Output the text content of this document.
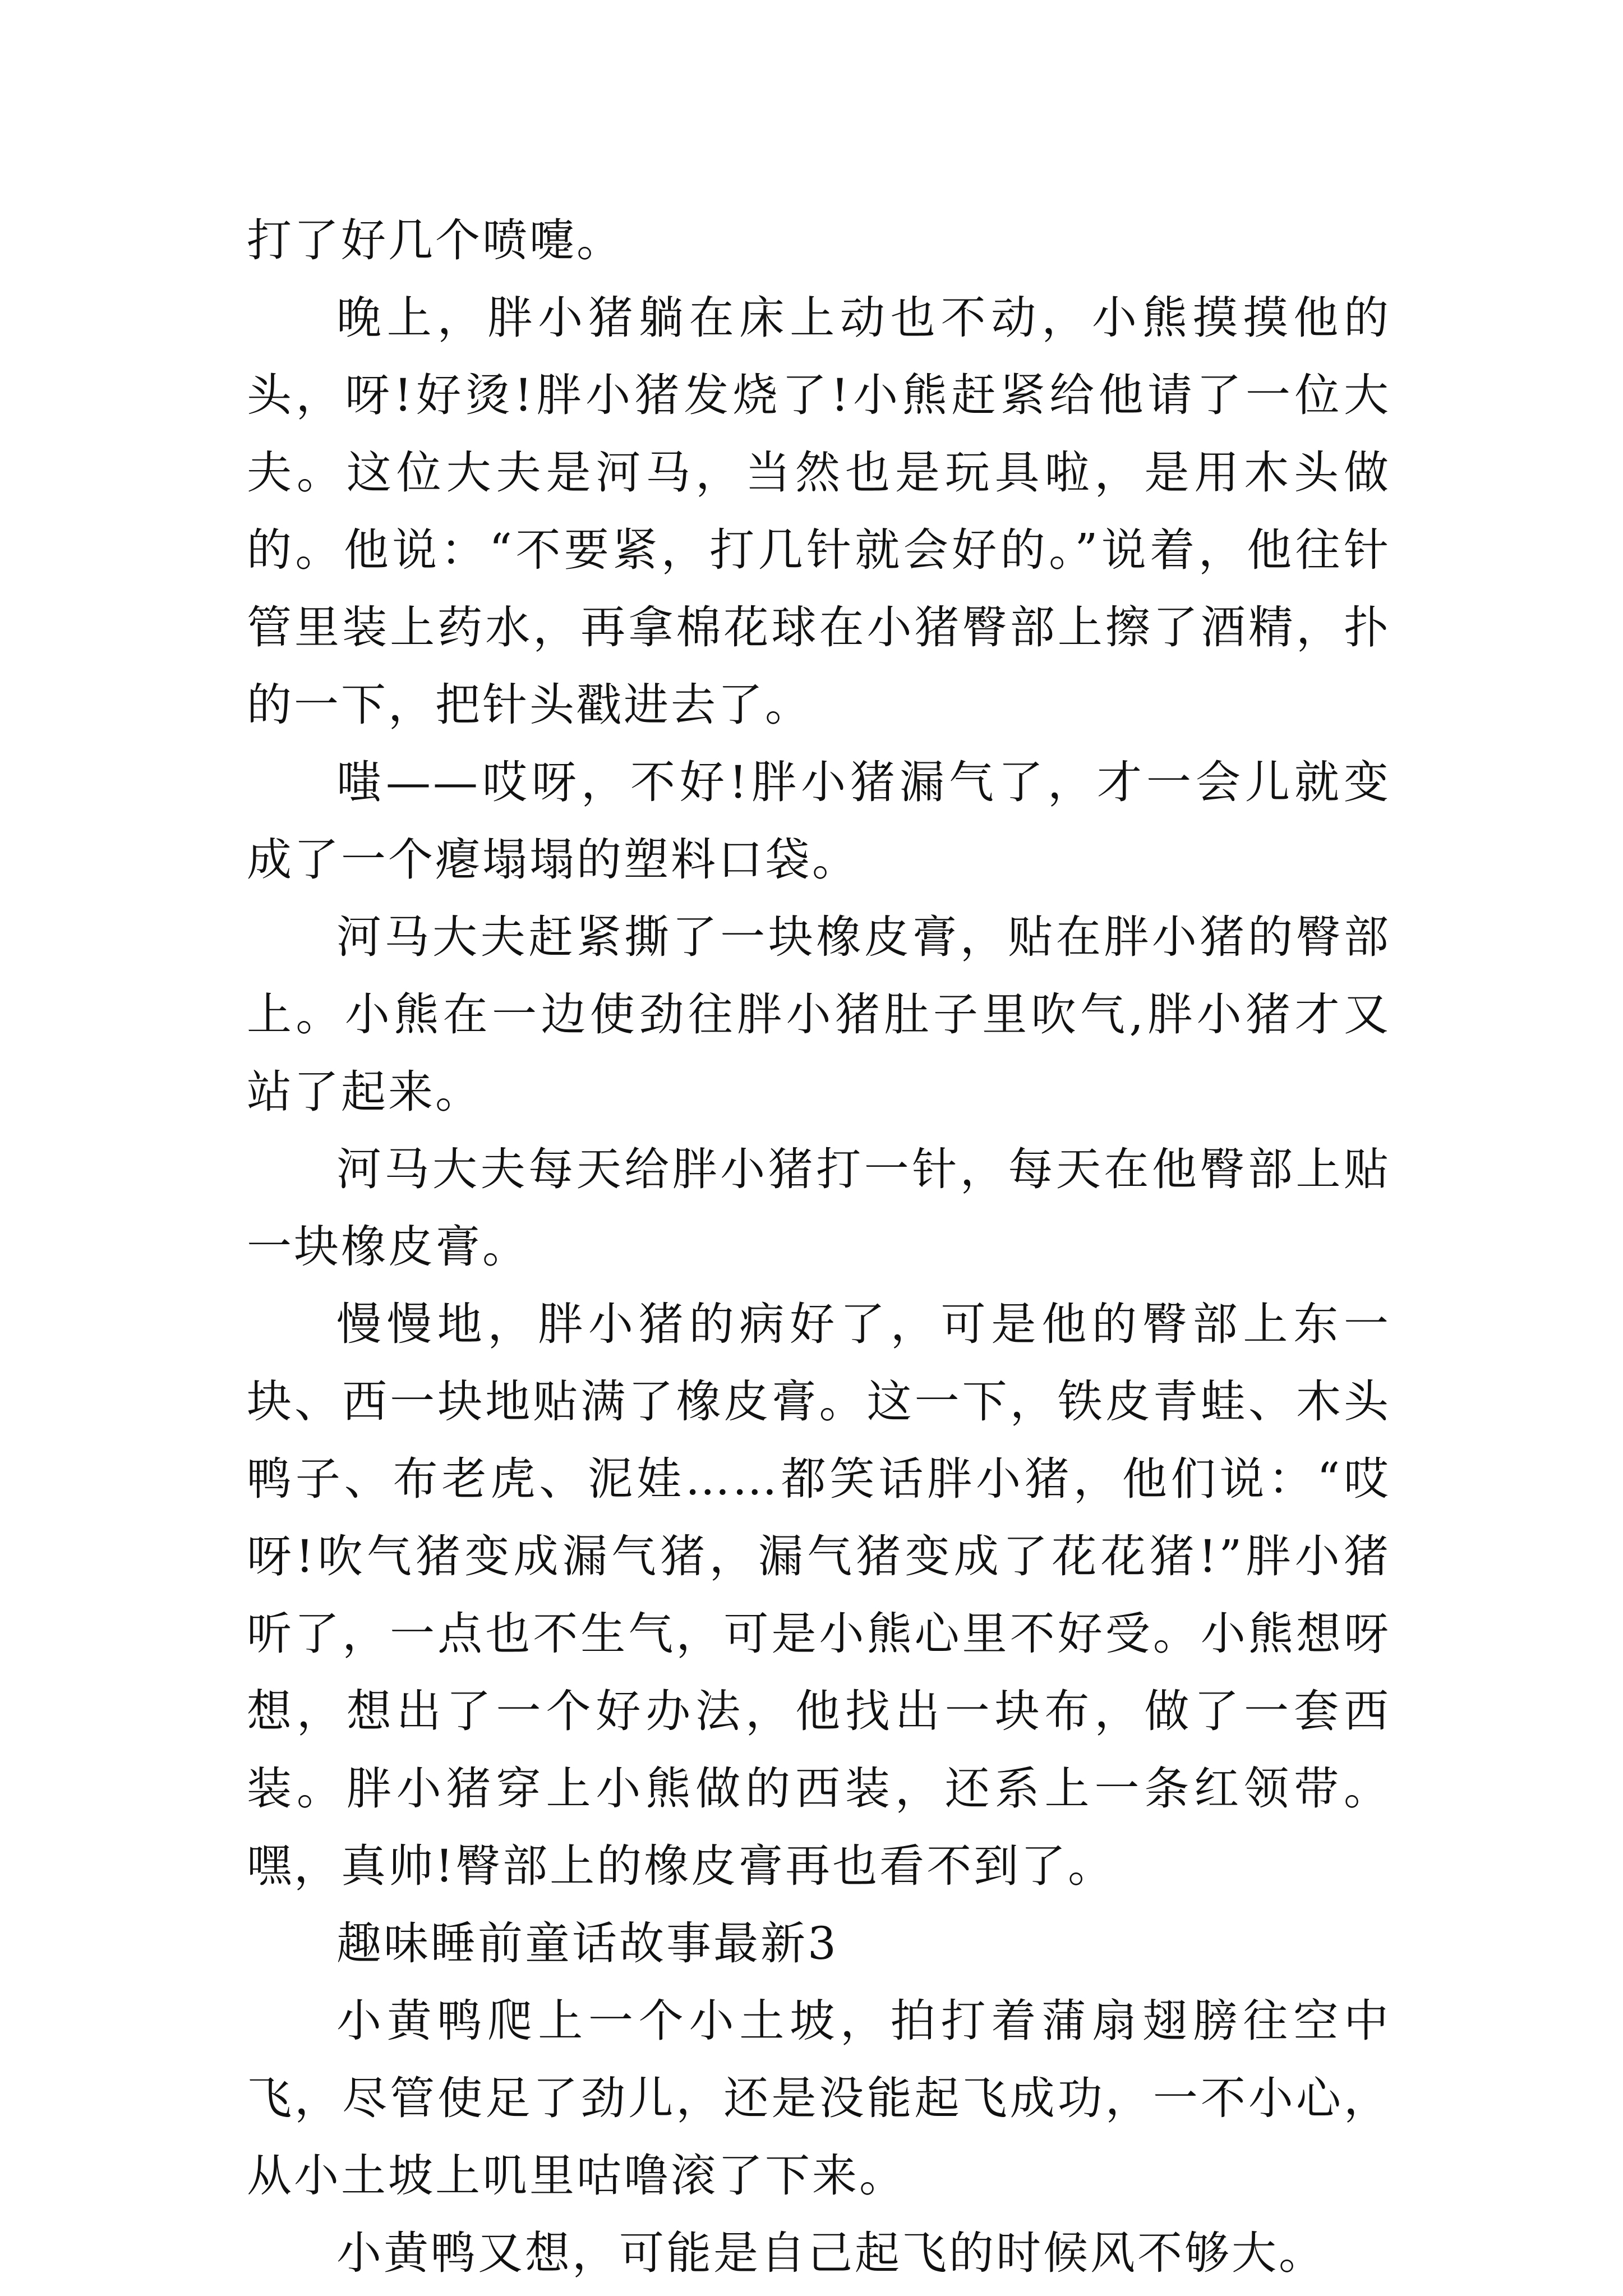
打了好几个喷嚏。

晚上，胖小猪躺在床上动也不动，小熊摸摸他的头，呀!好烫!胖小猪发烧了!小熊赶紧给他请了一位大夫。这位大夫是河马，当然也是玩具啦，是用木头做的。他说：“不要紧，打几针就会好的。”说着，他往针管里装上药水，再拿棉花球在小猪臀部上擦了酒精，扑的一下，把针头戳进去了。

嗤——哎呀，不好!胖小猪漏气了，才一会儿就变成了一个瘪塌塌的塑料口袋。

河马大夫赶紧撕了一块橡皮膏，贴在胖小猪的臀部上。小熊在一边使劲往胖小猪肚子里吹气,胖小猪才又站了起来。

河马大夫每天给胖小猪打一针，每天在他臀部上贴一块橡皮膏。

慢慢地，胖小猪的病好了，可是他的臀部上东一块、西一块地贴满了橡皮膏。这一下，铁皮青蛙、木头鸭子、布老虎、泥娃……都笑话胖小猪，他们说：“哎呀!吹气猪变成漏气猪，漏气猪变成了花花猪!”胖小猪听了，一点也不生气，可是小熊心里不好受。小熊想呀想，想出了一个好办法，他找出一块布，做了一套西装。胖小猪穿上小熊做的西装，还系上一条红领带。嘿，真帅!臀部上的橡皮膏再也看不到了。

趣味睡前童话故事最新3

小黄鸭爬上一个小土坡，拍打着蒲扇翅膀往空中飞，尽管使足了劲儿，还是没能起飞成功，一不小心，从小土坡上叽里咕噜滚了下来。

小黄鸭又想，可能是自己起飞的时候风不够大。
